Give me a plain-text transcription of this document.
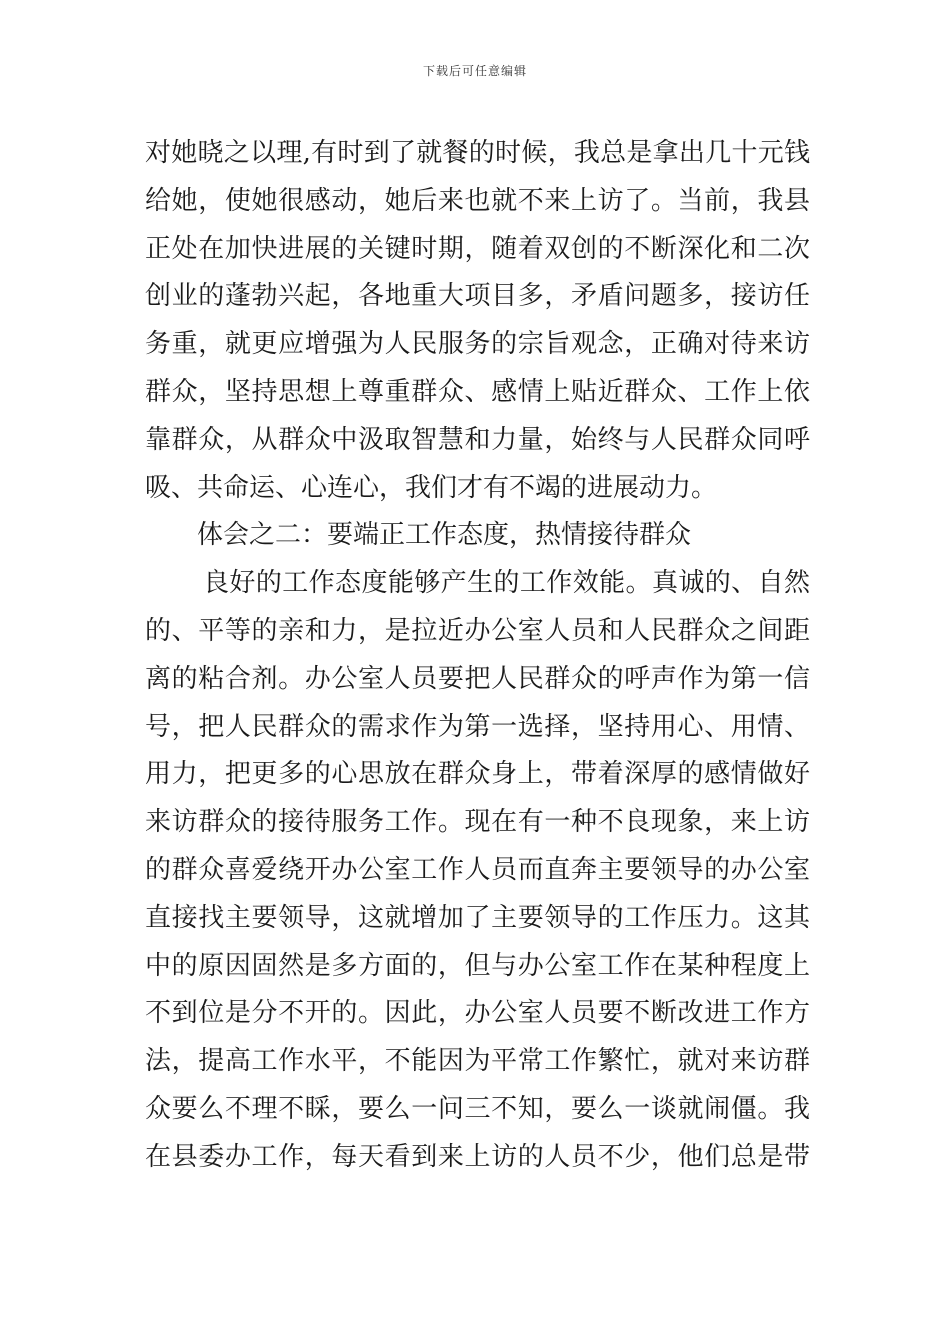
下载后可任意编辑
对她晓之以理,有时到了就餐的时候，我总是拿出几十元钱
给她，使她很感动，她后来也就不来上访了。当前，我县
正处在加快进展的关键时期，随着双创的不断深化和二次
创业的蓬勃兴起，各地重大项目多，矛盾问题多，接访任
务重，就更应增强为人民服务的宗旨观念，正确对待来访
群众，坚持思想上尊重群众、感情上贴近群众、工作上依
靠群众，从群众中汲取智慧和力量，始终与人民群众同呼
吸、共命运、心连心，我们才有不竭的进展动力。
体会之二：要端正工作态度，热情接待群众
良好的工作态度能够产生的工作效能。真诚的、自然
的、平等的亲和力，是拉近办公室人员和人民群众之间距
离的粘合剂。办公室人员要把人民群众的呼声作为第一信
号，把人民群众的需求作为第一选择，坚持用心、用情、
用力，把更多的心思放在群众身上，带着深厚的感情做好
来访群众的接待服务工作。现在有一种不良现象，来上访
的群众喜爱绕开办公室工作人员而直奔主要领导的办公室
直接找主要领导，这就增加了主要领导的工作压力。这其
中的原因固然是多方面的，但与办公室工作在某种程度上
不到位是分不开的。因此，办公室人员要不断改进工作方
法，提高工作水平，不能因为平常工作繁忙，就对来访群
众要么不理不睬，要么一问三不知，要么一谈就闹僵。我
在县委办工作，每天看到来上访的人员不少，他们总是带
